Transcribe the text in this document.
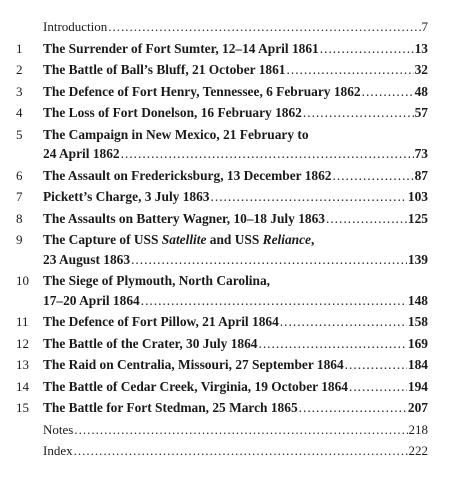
Introduction .....	7
1	The Surrender of Fort Sumter, 12–14 April 1861 .....	13
2	The Battle of Ball’s Bluff, 21 October 1861 .....	32
3	The Defence of Fort Henry, Tennessee, 6 February 1862 .....	48
4	The Loss of Fort Donelson, 16 February 1862 .....	57
5	The Campaign in New Mexico, 21 February to
24 April 1862 .....	73
6	The Assault on Fredericksburg, 13 December 1862 .....	87
7	Pickett’s Charge, 3 July 1863 .....	103
8	The Assaults on Battery Wagner, 10–18 July 1863 .....	125
9	The Capture of USS Satellite and USS Reliance,
23 August 1863 .....	139
10	The Siege of Plymouth, North Carolina,
17–20 April 1864 .....	148
11	The Defence of Fort Pillow, 21 April 1864 .....	158
12	The Battle of the Crater, 30 July 1864 .....	169
13	The Raid on Centralia, Missouri, 27 September 1864 .....	184
14	The Battle of Cedar Creek, Virginia, 19 October 1864 .....	194
15	The Battle for Fort Stedman, 25 March 1865 .....	207
Notes .....	218
Index .....	222
